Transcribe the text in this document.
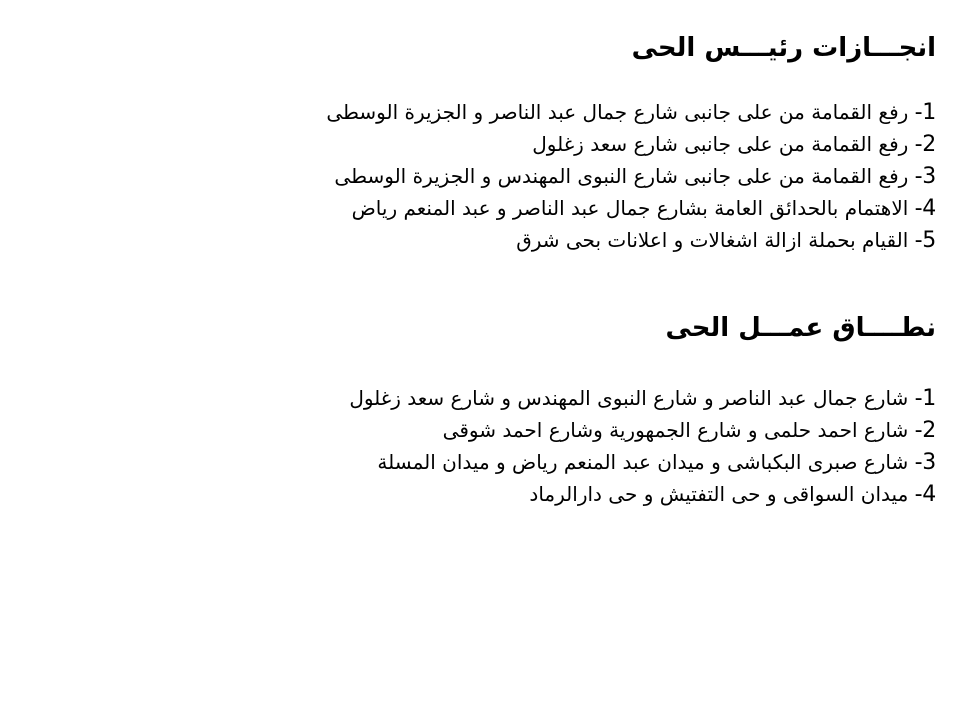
انجـــازات رئيـــس الحى
1- رفع القمامة من على جانبى شارع جمال عبد الناصر و الجزيرة الوسطى
2- رفع القمامة من على جانبى شارع سعد زغلول
3- رفع القمامة من على جانبى شارع النبوى المهندس و الجزيرة الوسطى
4- الاهتمام بالحدائق العامة بشارع جمال عبد الناصر و عبد المنعم رياض
5- القيام بحملة ازالة اشغالات و اعلانات بحى شرق
نطــــاق عمـــل الحى
1- شارع جمال عبد الناصر و شارع النبوى المهندس و شارع سعد زغلول
2- شارع احمد حلمى و شارع الجمهورية وشارع احمد شوقى
3- شارع صبرى البكباشى و ميدان عبد المنعم رياض و ميدان المسلة
4- ميدان السواقى و حى التفتيش و حى دارالرماد
